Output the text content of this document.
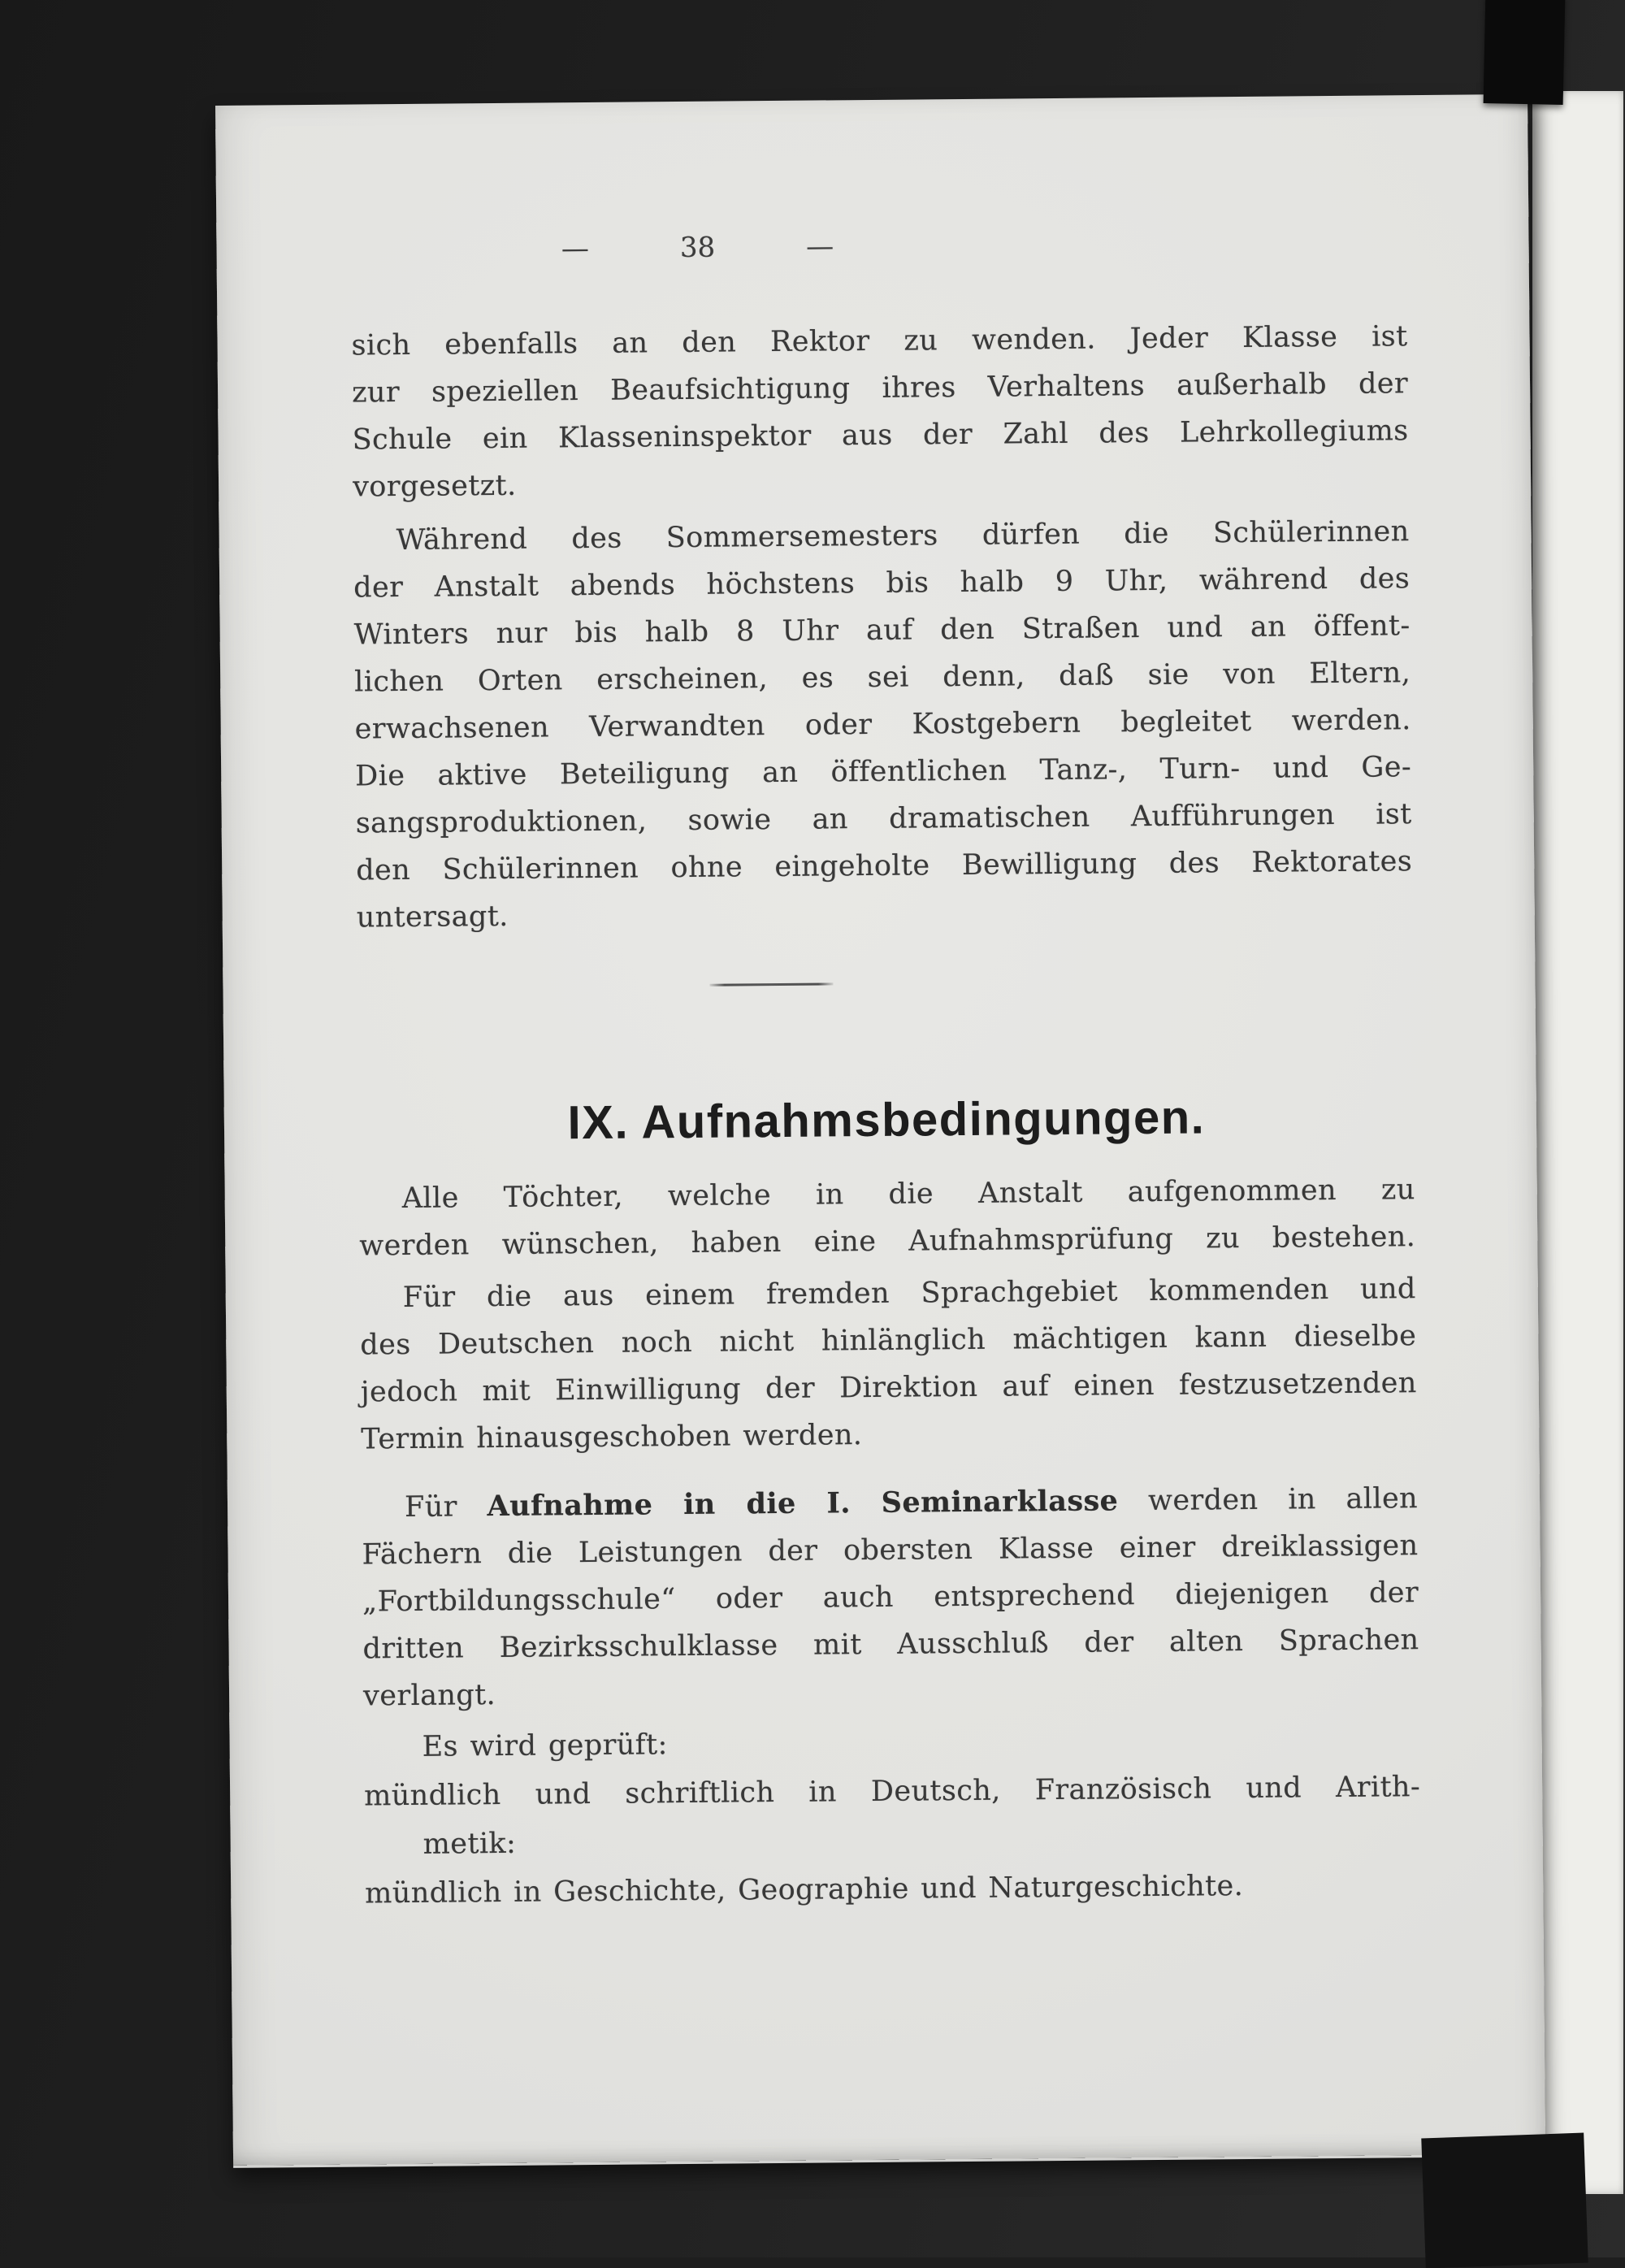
—	38	—
sich ebenfalls an den Rektor zu wenden. Jeder Klasse ist
zur speziellen Beaufsichtigung ihres Verhaltens außerhalb der
Schule ein Klasseninspektor aus der Zahl des Lehrkollegiums
vorgesetzt.
Während des Sommersemesters dürfen die Schülerinnen
der Anstalt abends höchstens bis halb 9 Uhr, während des
Winters nur bis halb 8 Uhr auf den Straßen und an öffent-
lichen Orten erscheinen, es sei denn, daß sie von Eltern,
erwachsenen Verwandten oder Kostgebern begleitet werden.
Die aktive Beteiligung an öffentlichen Tanz-, Turn- und Ge-
sangsproduktionen, sowie an dramatischen Aufführungen ist
den Schülerinnen ohne eingeholte Bewilligung des Rektorates
untersagt.
IX. Aufnahmsbedingungen.
Alle Töchter, welche in die Anstalt aufgenommen zu
werden wünschen, haben eine Aufnahmsprüfung zu bestehen.
Für die aus einem fremden Sprachgebiet kommenden und
des Deutschen noch nicht hinlänglich mächtigen kann dieselbe
jedoch mit Einwilligung der Direktion auf einen festzusetzenden
Termin hinausgeschoben werden.
Für Aufnahme in die I. Seminarklasse werden in allen
Fächern die Leistungen der obersten Klasse einer dreiklassigen
„Fortbildungsschule“ oder auch entsprechend diejenigen der
dritten Bezirksschulklasse mit Ausschluß der alten Sprachen
verlangt.
Es wird geprüft:
mündlich und schriftlich in Deutsch, Französisch und Arith-
metik:
mündlich in Geschichte, Geographie und Naturgeschichte.
